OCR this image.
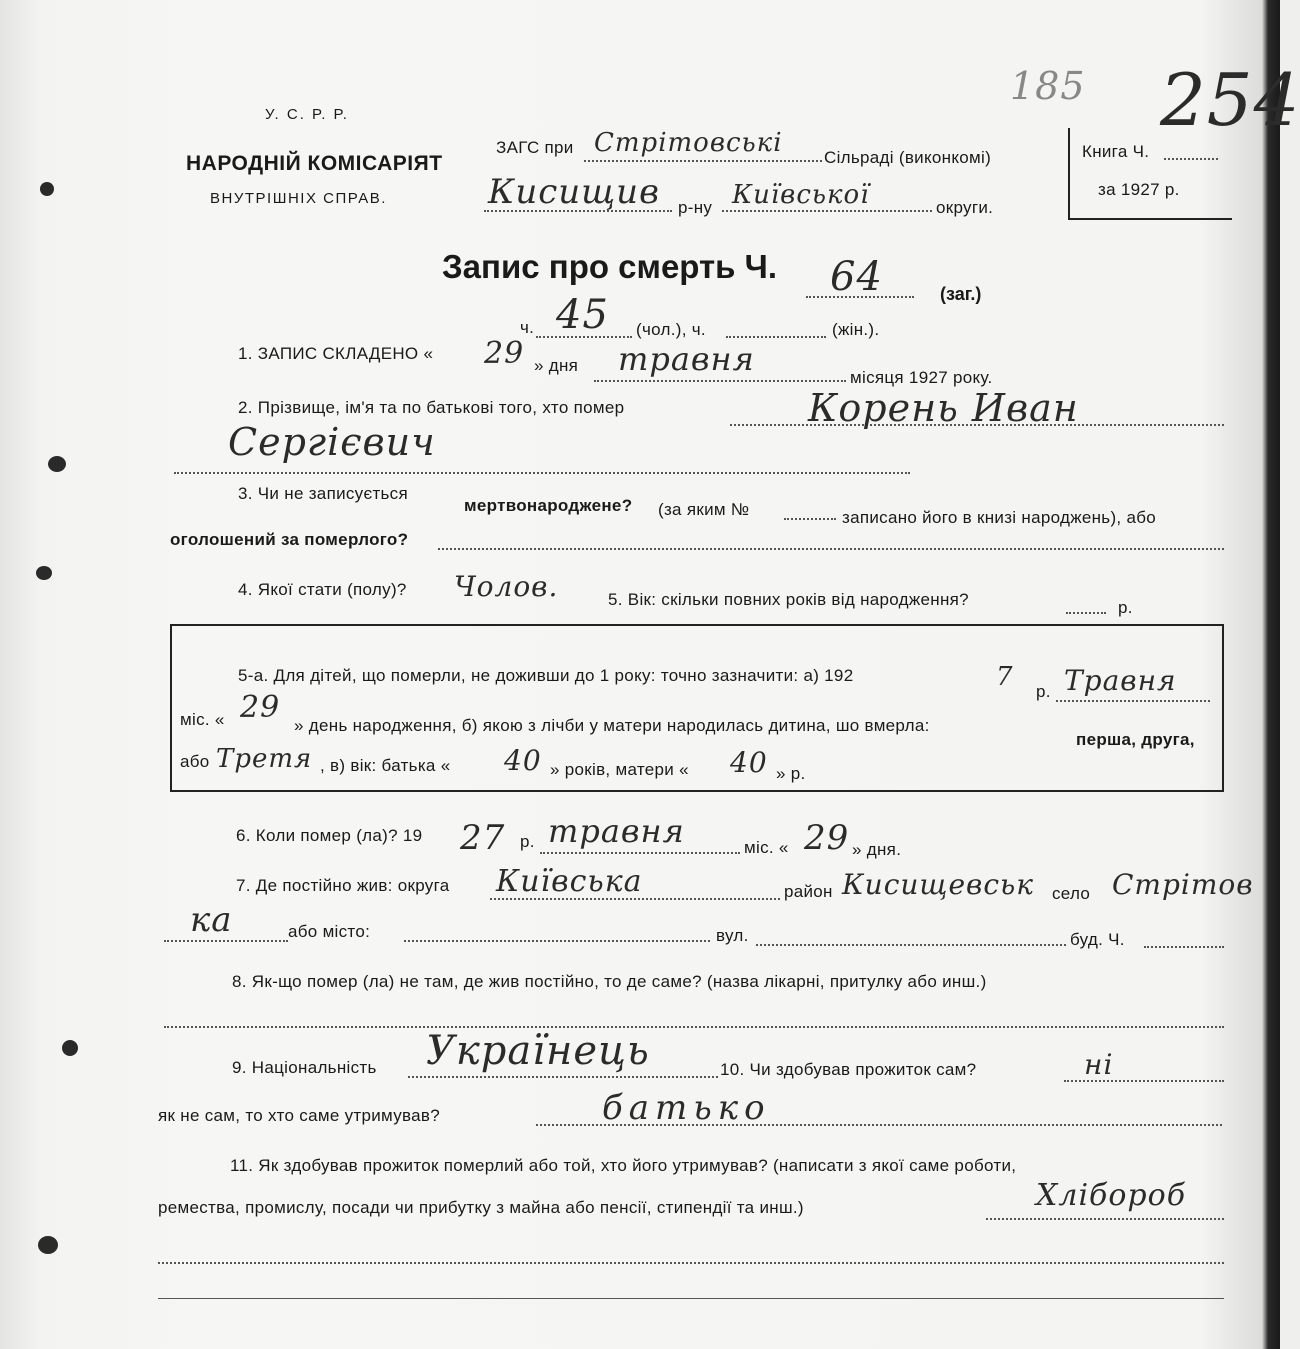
У. С. Р. Р.
НАРОДНІЙ КОМІСАРІЯТ
ВНУТРІШНІХ СПРАВ.
ЗАГС при Стрітовські Сільраді (виконкомі)
Кисищив р-ну Київської	округи.
Книга Ч.
за 1927 р.
185 254
Запис про смерть Ч. 64	(заг.)
ч. 45 (чол.), ч.	(жін.).
1. ЗАПИС СКЛАДЕНО « 29 » дня травня	місяця 1927 року.
2. Прізвище, ім'я та по батькові того, хто помер	Корень Иван
Сергієвич
3. Чи не записується
мертвонароджене? (за яким №	записано його в книзі народжень), або
оголошений за померлого?
4. Якої стати (полу)? Чолов.	5. Вік: скільки повних років від народження?	р.
5-а. Для дітей, що померли, не доживши до 1 року: точно зазначити: а) 192	7 р. Травня
міс. « 29
» день народження, б) якою з лічби у матери народилась дитина, шо вмерла:
перша, друга,
або Третя , в) вік: батька « 40 » років, матери « 40 » р.
6. Коли помер (ла)? 19 27 р. травня	міс. « 29 » дня.
7. Де постійно жив: округа Київська	район Кисищевськ село Стрітов
ка	або місто:	вул.	буд. Ч.
8. Як-що помер (ла) не там, де жив постійно, то де саме? (назва лікарні, притулку або инш.)
9. Національність Українець	10. Чи здобував прожиток сам?	ні
як не сам, то хто саме утримував?	батько
11. Як здобував прожиток померлий або той, хто його утримував? (написати з якої саме роботи,
ремества, промислу, посади чи прибутку з майна або пенсії, стипендії та инш.)	Хлібороб
